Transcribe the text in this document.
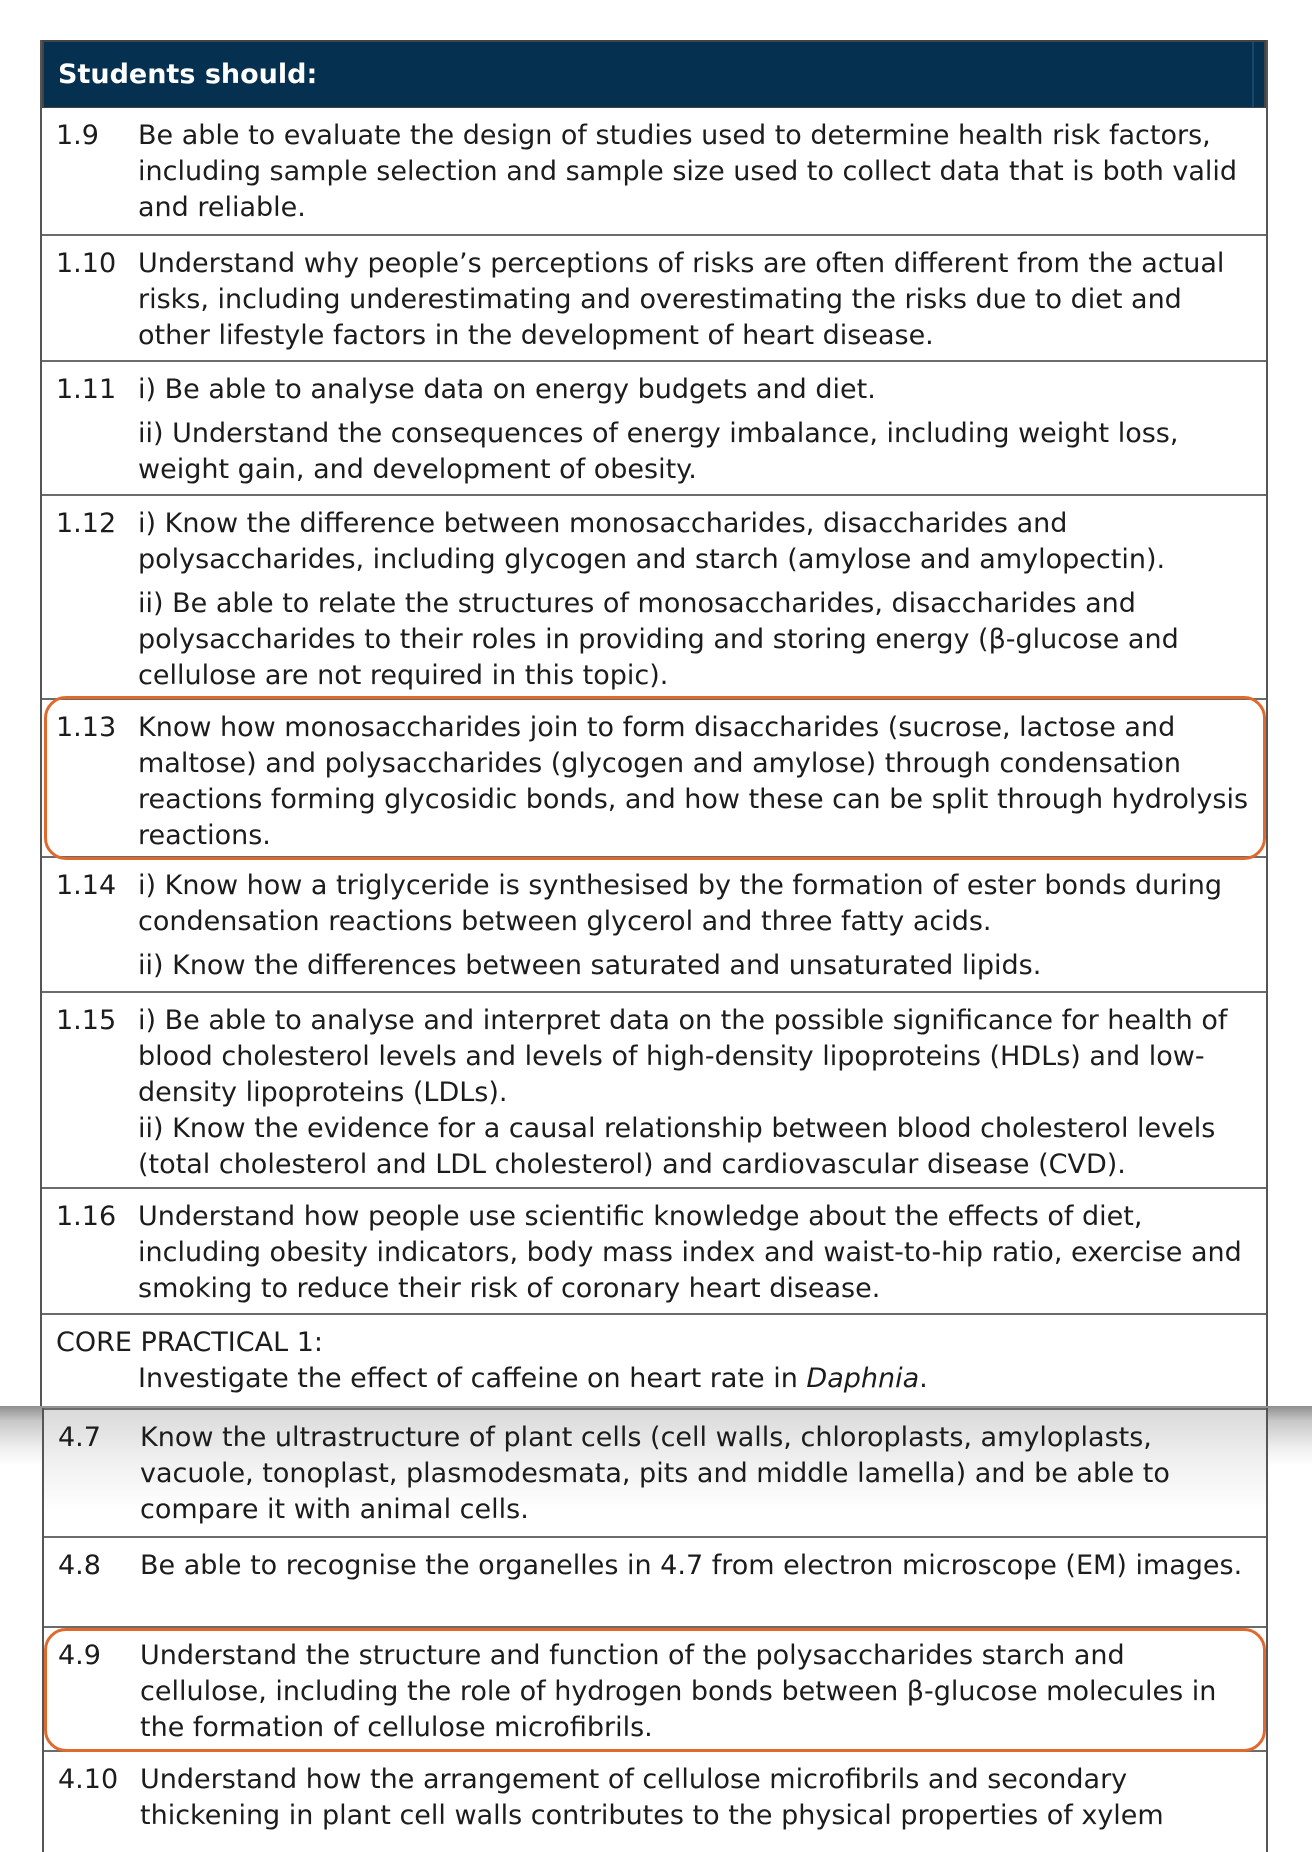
Students should:
1.9 Be able to evaluate the design of studies used to determine health risk factors, including sample selection and sample size used to collect data that is both valid and reliable.

1.10 Understand why people’s perceptions of risks are often different from the actual risks, including underestimating and overestimating the risks due to diet and other lifestyle factors in the development of heart disease.

1.11 i) Be able to analyse data on energy budgets and diet.

ii) Understand the consequences of energy imbalance, including weight loss, weight gain, and development of obesity.

1.12 i) Know the difference between monosaccharides, disaccharides and polysaccharides, including glycogen and starch (amylose and amylopectin).

ii) Be able to relate the structures of monosaccharides, disaccharides and polysaccharides to their roles in providing and storing energy (β-glucose and cellulose are not required in this topic).

1.13 Know how monosaccharides join to form disaccharides (sucrose, lactose and maltose) and polysaccharides (glycogen and amylose) through condensation reactions forming glycosidic bonds, and how these can be split through hydrolysis reactions.

1.14 i) Know how a triglyceride is synthesised by the formation of ester bonds during condensation reactions between glycerol and three fatty acids.

ii) Know the differences between saturated and unsaturated lipids.

1.15 i) Be able to analyse and interpret data on the possible significance for health of blood cholesterol levels and levels of high-density lipoproteins (HDLs) and low-density lipoproteins (LDLs).

ii) Know the evidence for a causal relationship between blood cholesterol levels (total cholesterol and LDL cholesterol) and cardiovascular disease (CVD).

1.16 Understand how people use scientific knowledge about the effects of diet, including obesity indicators, body mass index and waist-to-hip ratio, exercise and smoking to reduce their risk of coronary heart disease.

CORE PRACTICAL 1:

Investigate the effect of caffeine on heart rate in Daphnia.

4.7 Know the ultrastructure of plant cells (cell walls, chloroplasts, amyloplasts, vacuole, tonoplast, plasmodesmata, pits and middle lamella) and be able to compare it with animal cells.

4.8 Be able to recognise the organelles in 4.7 from electron microscope (EM) images.

4.9 Understand the structure and function of the polysaccharides starch and cellulose, including the role of hydrogen bonds between β-glucose molecules in the formation of cellulose microfibrils.

4.10 Understand how the arrangement of cellulose microfibrils and secondary thickening in plant cell walls contributes to the physical properties of xylem
